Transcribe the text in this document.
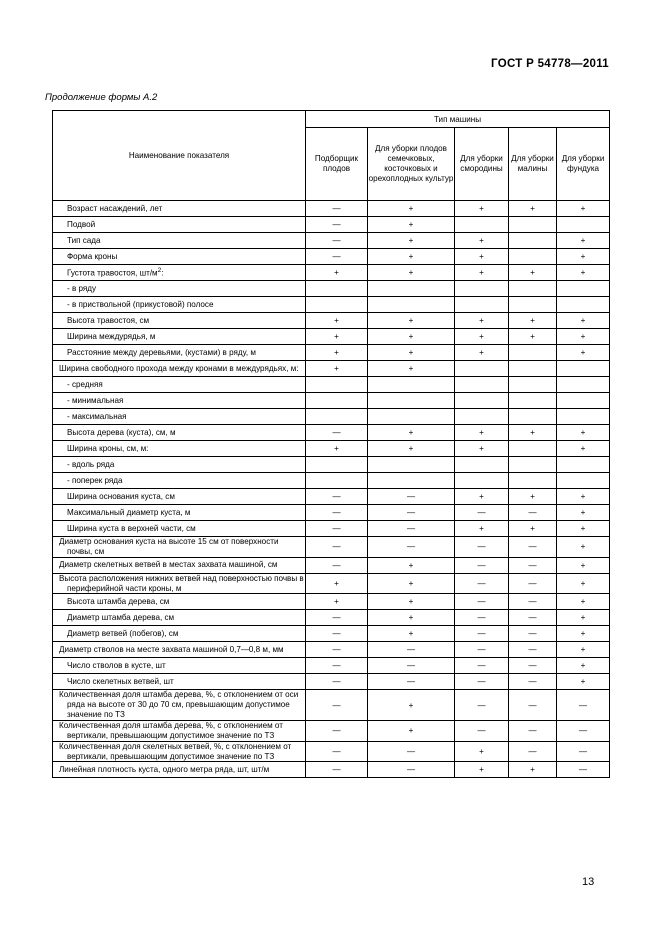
ГОСТ Р 54778—2011
Продолжение формы А.2
Наименование показателя	Тип машины				
	Подборщик плодов	Для уборки плодов семечковых, косточковых и орехоплодных культур	Для уборки смородины	Для уборки малины	Для уборки фундука
Возраст насаждений, лет	—	+	+	+	+
Подвой	—	+			
Тип сада	—	+	+		+
Форма кроны	—	+	+		+
Густота травостоя, $шт/м^2$:	+	+	+	+	+
- в ряду					
- в приствольной (прикустовой) полосе					
Высота травостоя, см	+	+	+	+	+
Ширина междурядья, м	+	+	+	+	+
Расстояние между деревьями, (кустами) в ряду, м	+	+	+		+
Ширина свободного прохода между кронами в междурядьях, м:	+	+			
- средняя					
- минимальная					
- максимальная					
Высота дерева (куста), см, м	—	+	+	+	+
Ширина кроны, см, м:	+	+	+		+
- вдоль ряда					
- поперек ряда					
Ширина основания куста, см	—	—	+	+	+
Максимальный диаметр куста, м	—	—	—	—	+
Ширина куста в верхней части, см	—	—	+	+	+
Диаметр основания куста на высоте 15 см от поверхности почвы, см	—	—	—	—	+
Диаметр скелетных ветвей в местах захвата машиной, см	—	+	—	—	+
Высота расположения нижних ветвей над поверхностью почвы в периферийной части кроны, м	+	+	—	—	+
Высота штамба дерева, см	+	+	—	—	+
Диаметр штамба дерева, см	—	+	—	—	+
Диаметр ветвей (побегов), см	—	+	—	—	+
Диаметр стволов на месте захвата машиной 0,7—0,8 м, мм	—	—	—	—	+
Число стволов в кусте, шт	—	—	—	—	+
Число скелетных ветвей, шт	—	—	—	—	+
Количественная доля штамба дерева, %, с отклонением от оси ряда на высоте от 30 до 70 см, превышающим допустимое значение по ТЗ	—	+	—	—	—
Количественная доля штамба дерева, %, с отклонением от вертикали, превышающим допустимое значение по ТЗ	—	+	—	—	—
Количественная доля скелетных ветвей, %, с отклонением от вертикали, превышающим допустимое значение по ТЗ	—	—	+	—	—
Линейная плотность куста, одного метра ряда, шт, шт/м	—	—	+	+	—
13
